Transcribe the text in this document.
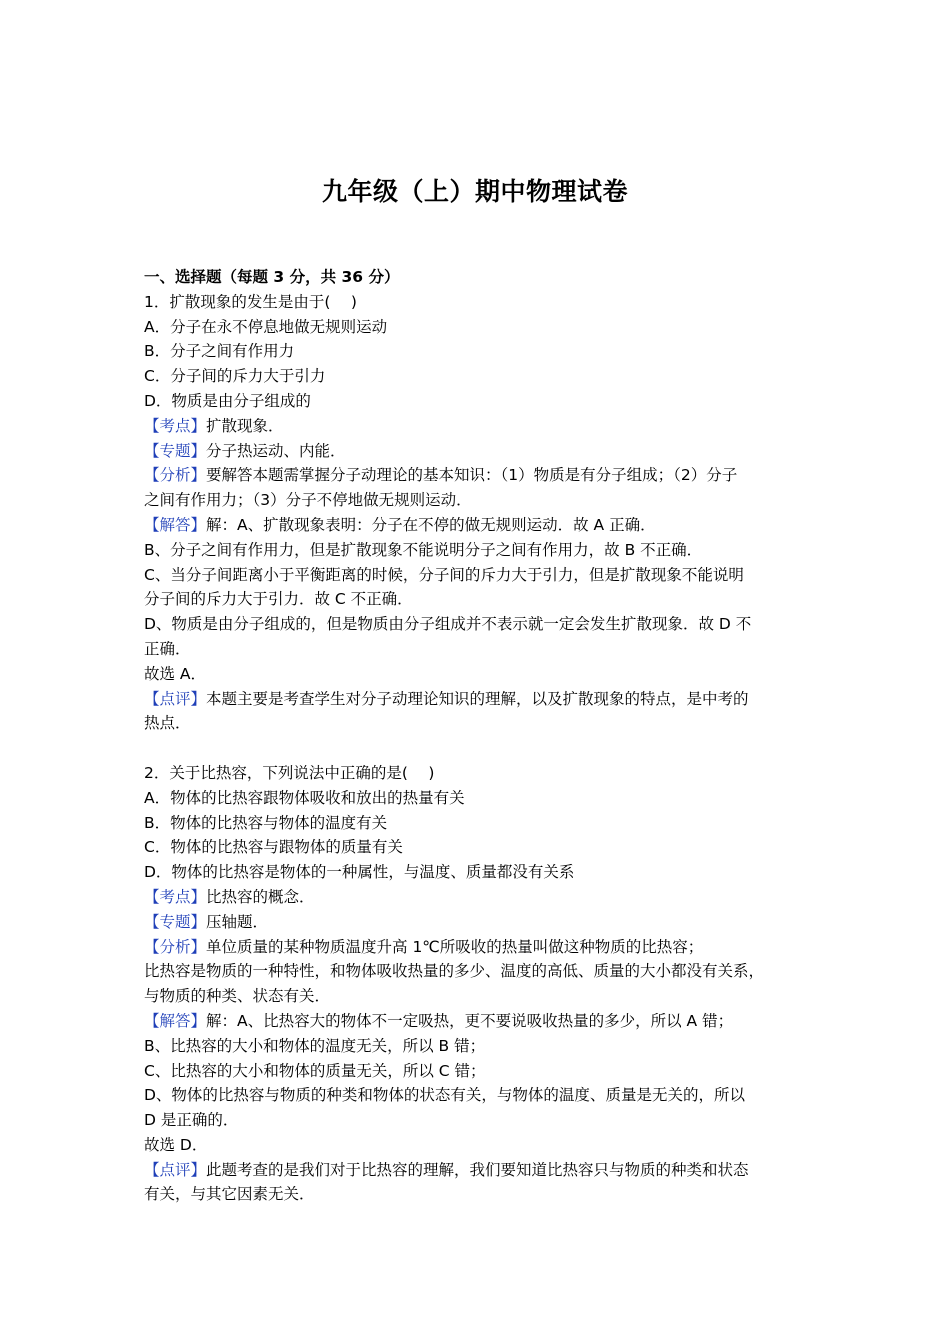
九年级（上）期中物理试卷
一、选择题（每题 3 分，共 36 分）
1．扩散现象的发生是由于(　 )
A．分子在永不停息地做无规则运动
B．分子之间有作用力
C．分子间的斥力大于引力
D．物质是由分子组成的
【考点】扩散现象．
【专题】分子热运动、内能．
【分析】要解答本题需掌握分子动理论的基本知识：（1）物质是有分子组成；（2）分子
之间有作用力；（3）分子不停地做无规则运动．
【解答】解：A、扩散现象表明：分子在不停的做无规则运动．故 A 正确．
B、分子之间有作用力，但是扩散现象不能说明分子之间有作用力，故 B 不正确．
C、当分子间距离小于平衡距离的时候，分子间的斥力大于引力，但是扩散现象不能说明
分子间的斥力大于引力．故 C 不正确．
D、物质是由分子组成的，但是物质由分子组成并不表示就一定会发生扩散现象．故 D 不
正确．
故选 A．
【点评】本题主要是考查学生对分子动理论知识的理解，以及扩散现象的特点，是中考的
热点．
2．关于比热容，下列说法中正确的是(　 )
A．物体的比热容跟物体吸收和放出的热量有关
B．物体的比热容与物体的温度有关
C．物体的比热容与跟物体的质量有关
D．物体的比热容是物体的一种属性，与温度、质量都没有关系
【考点】比热容的概念．
【专题】压轴题．
【分析】单位质量的某种物质温度升高 1℃所吸收的热量叫做这种物质的比热容；
比热容是物质的一种特性，和物体吸收热量的多少、温度的高低、质量的大小都没有关系，
与物质的种类、状态有关．
【解答】解：A、比热容大的物体不一定吸热，更不要说吸收热量的多少，所以 A 错；
B、比热容的大小和物体的温度无关，所以 B 错；
C、比热容的大小和物体的质量无关，所以 C 错；
D、物体的比热容与物质的种类和物体的状态有关，与物体的温度、质量是无关的，所以
D 是正确的．
故选 D．
【点评】此题考查的是我们对于比热容的理解，我们要知道比热容只与物质的种类和状态
有关，与其它因素无关．
